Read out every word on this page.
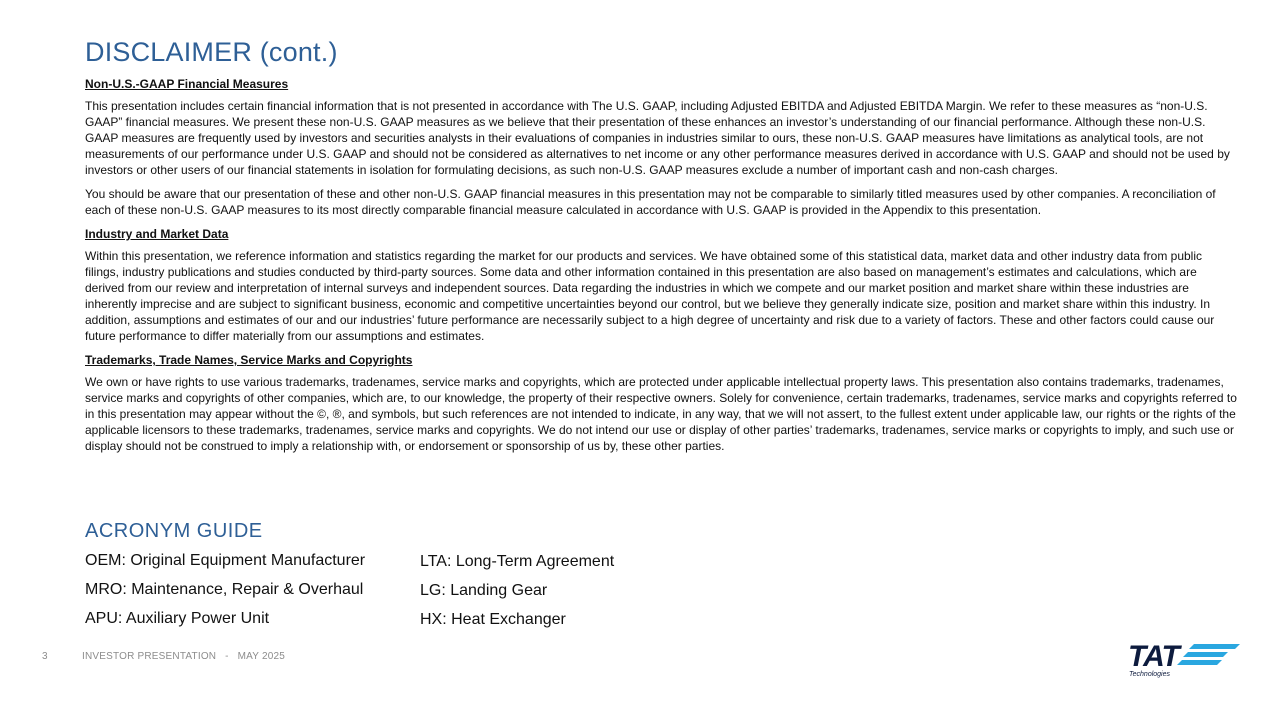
DISCLAIMER (cont.)
Non-U.S.-GAAP Financial Measures

This presentation includes certain financial information that is not presented in accordance with The U.S. GAAP, including Adjusted EBITDA and Adjusted EBITDA Margin. We refer to these measures as “non-U.S. GAAP” financial measures. We present these non-U.S. GAAP measures as we believe that their presentation of these enhances an investor’s understanding of our financial performance. Although these non-U.S. GAAP measures are frequently used by investors and securities analysts in their evaluations of companies in industries similar to ours, these non-U.S. GAAP measures have limitations as analytical tools, are not measurements of our performance under U.S. GAAP and should not be considered as alternatives to net income or any other performance measures derived in accordance with U.S. GAAP and should not be used by investors or other users of our financial statements in isolation for formulating decisions, as such non-U.S. GAAP measures exclude a number of important cash and non-cash charges.

You should be aware that our presentation of these and other non-U.S. GAAP financial measures in this presentation may not be comparable to similarly titled measures used by other companies. A reconciliation of each of these non-U.S. GAAP measures to its most directly comparable financial measure calculated in accordance with U.S. GAAP is provided in the Appendix to this presentation.

Industry and Market Data

Within this presentation, we reference information and statistics regarding the market for our products and services. We have obtained some of this statistical data, market data and other industry data from public filings, industry publications and studies conducted by third-party sources. Some data and other information contained in this presentation are also based on management’s estimates and calculations, which are derived from our review and interpretation of internal surveys and independent sources. Data regarding the industries in which we compete and our market position and market share within these industries are inherently imprecise and are subject to significant business, economic and competitive uncertainties beyond our control, but we believe they generally indicate size, position and market share within this industry. In addition, assumptions and estimates of our and our industries’ future performance are necessarily subject to a high degree of uncertainty and risk due to a variety of factors. These and other factors could cause our future performance to differ materially from our assumptions and estimates.

Trademarks, Trade Names, Service Marks and Copyrights

We own or have rights to use various trademarks, tradenames, service marks and copyrights, which are protected under applicable intellectual property laws. This presentation also contains trademarks, tradenames, service marks and copyrights of other companies, which are, to our knowledge, the property of their respective owners. Solely for convenience, certain trademarks, tradenames, service marks and copyrights referred to in this presentation may appear without the ©, ®, and symbols, but such references are not intended to indicate, in any way, that we will not assert, to the fullest extent under applicable law, our rights or the rights of the applicable licensors to these trademarks, tradenames, service marks and copyrights. We do not intend our use or display of other parties’ trademarks, tradenames, service marks or copyrights to imply, and such use or display should not be construed to imply a relationship with, or endorsement or sponsorship of us by, these other parties.

ACRONYM GUIDE
OEM: Original Equipment Manufacturer
MRO: Maintenance, Repair & Overhaul
APU: Auxiliary Power Unit
LTA: Long-Term Agreement
LG: Landing Gear
HX: Heat Exchanger
3	INVESTOR PRESENTATION   -   MAY 2025	TAT
Technologies
